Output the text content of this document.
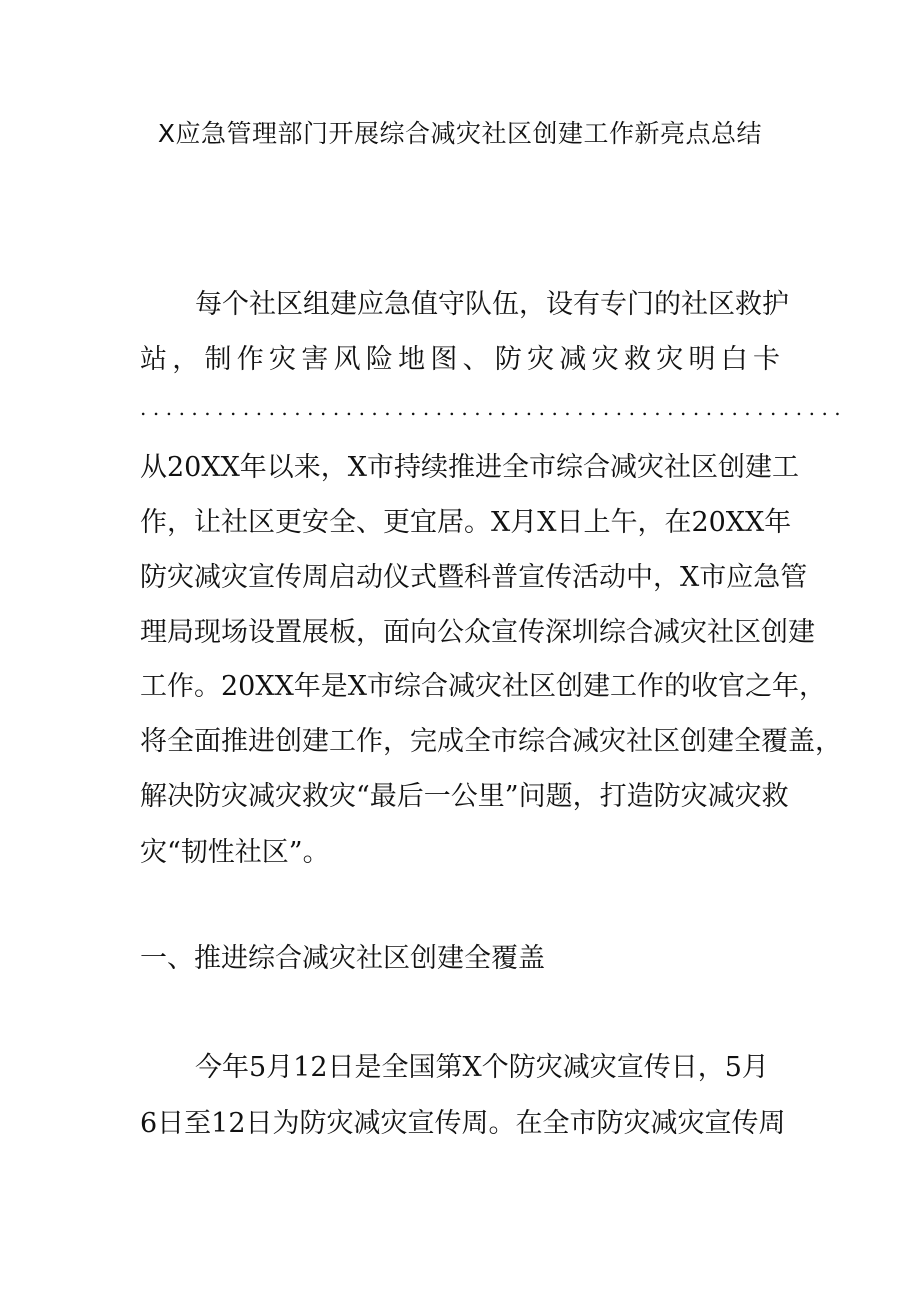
X应急管理部门开展综合减灾社区创建工作新亮点总结
每个社区组建应急值守队伍，设有专门的社区救护
站，制作灾害风险地图、防灾减灾救灾明白卡
.......................................................
从20XX年以来，X市持续推进全市综合减灾社区创建工
作，让社区更安全、更宜居。X月X日上午，在20XX年
防灾减灾宣传周启动仪式暨科普宣传活动中，X市应急管
理局现场设置展板，面向公众宣传深圳综合减灾社区创建
工作。20XX年是X市综合减灾社区创建工作的收官之年，
将全面推进创建工作，完成全市综合减灾社区创建全覆盖，
解决防灾减灾救灾“最后一公里”问题，打造防灾减灾救
灾“韧性社区”。
一、推进综合减灾社区创建全覆盖
今年5月12日是全国第X个防灾减灾宣传日，5月
6日至12日为防灾减灾宣传周。在全市防灾减灾宣传周
